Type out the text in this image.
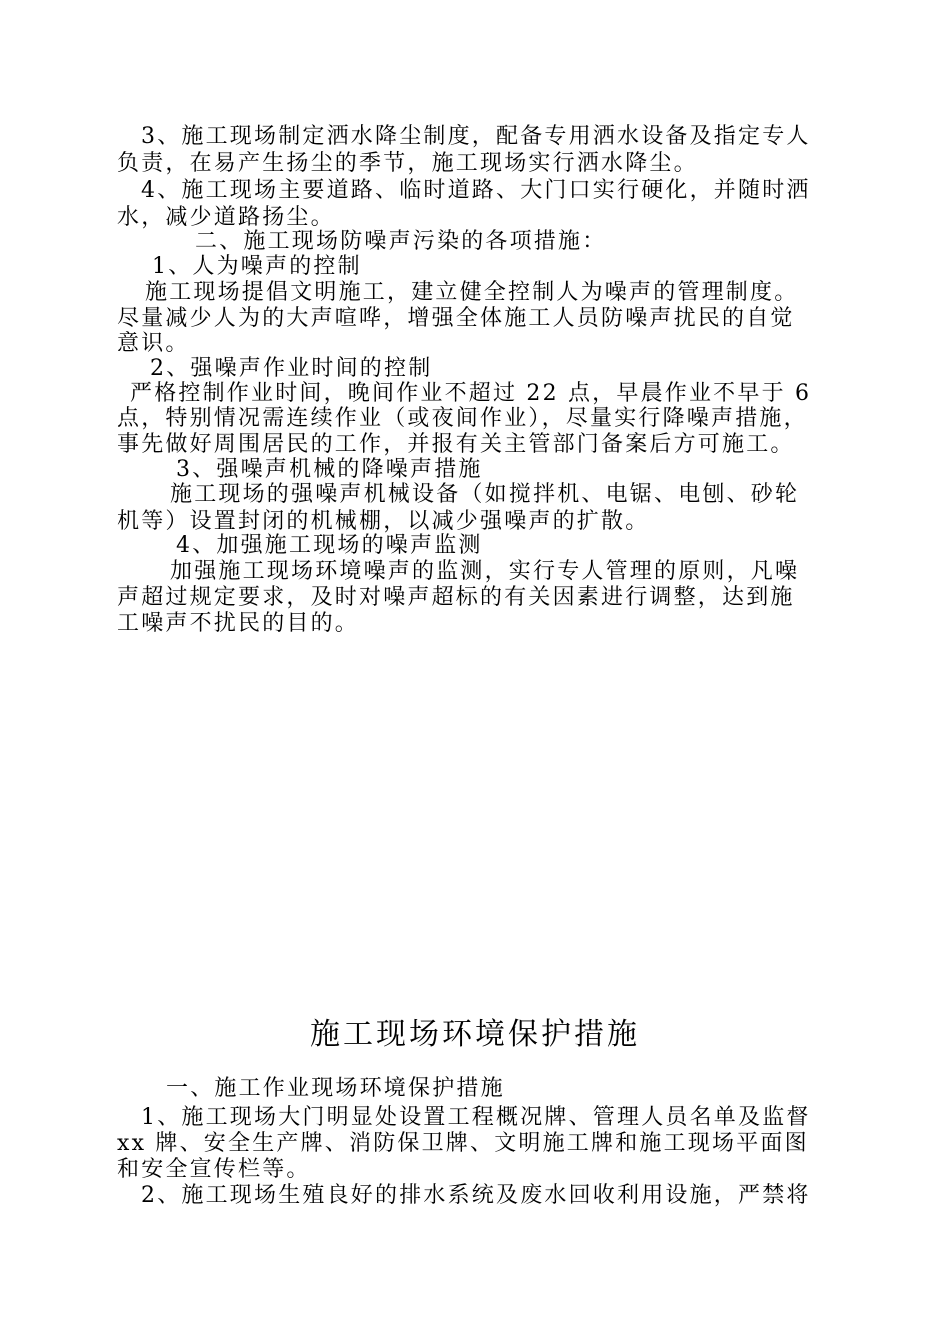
3、施工现场制定洒水降尘制度，配备专用洒水设备及指定专人
负责，在易产生扬尘的季节，施工现场实行洒水降尘。
4、施工现场主要道路、临时道路、大门口实行硬化，并随时洒
水，减少道路扬尘。
二、施工现场防噪声污染的各项措施：
1、人为噪声的控制
施工现场提倡文明施工，建立健全控制人为噪声的管理制度。
尽量减少人为的大声喧哗，增强全体施工人员防噪声扰民的自觉
意识。
2、强噪声作业时间的控制
严格控制作业时间，晚间作业不超过 22 点，早晨作业不早于 6
点，特别情况需连续作业（或夜间作业），尽量实行降噪声措施，
事先做好周围居民的工作，并报有关主管部门备案后方可施工。
3、强噪声机械的降噪声措施
施工现场的强噪声机械设备（如搅拌机、电锯、电刨、砂轮
机等）设置封闭的机械棚，以减少强噪声的扩散。
4、加强施工现场的噪声监测
加强施工现场环境噪声的监测，实行专人管理的原则，凡噪
声超过规定要求，及时对噪声超标的有关因素进行调整，达到施
工噪声不扰民的目的。
施工现场环境保护措施
一、施工作业现场环境保护措施
1、施工现场大门明显处设置工程概况牌、管理人员名单及监督
xx 牌、安全生产牌、消防保卫牌、文明施工牌和施工现场平面图
和安全宣传栏等。
2、施工现场生殖良好的排水系统及废水回收利用设施，严禁将
